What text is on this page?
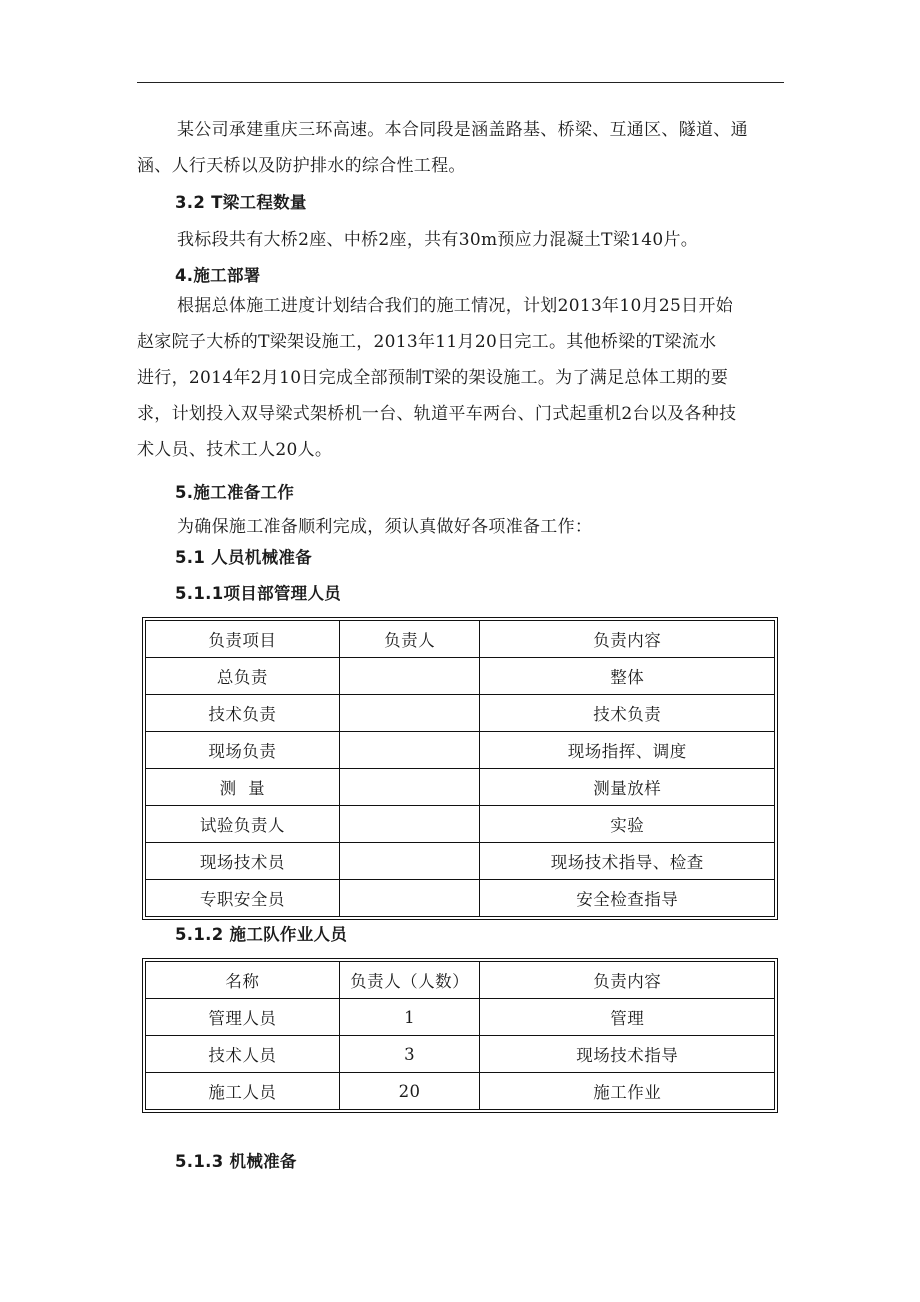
某公司承建重庆三环高速。本合同段是涵盖路基、桥梁、互通区、隧道、通
涵、人行天桥以及防护排水的综合性工程。
3.2 T梁工程数量
我标段共有大桥2座、中桥2座，共有30m预应力混凝土T梁140片。
4.施工部署
根据总体施工进度计划结合我们的施工情况，计划2013年10月25日开始
赵家院子大桥的T梁架设施工，2013年11月20日完工。其他桥梁的T梁流水
进行，2014年2月10日完成全部预制T梁的架设施工。为了满足总体工期的要
求，计划投入双导梁式架桥机一台、轨道平车两台、门式起重机2台以及各种技
术人员、技术工人20人。
5.施工准备工作
为确保施工准备顺利完成，须认真做好各项准备工作：
5.1 人员机械准备
5.1.1项目部管理人员
负责项目	负责人	负责内容
总负责		整体
技术负责		技术负责
现场负责		现场指挥、调度
测  量		测量放样
试验负责人		实验
现场技术员		现场技术指导、检查
专职安全员		安全检查指导
5.1.2 施工队作业人员
名称	负责人（人数）	负责内容
管理人员	1	管理
技术人员	3	现场技术指导
施工人员	20	施工作业
5.1.3 机械准备
